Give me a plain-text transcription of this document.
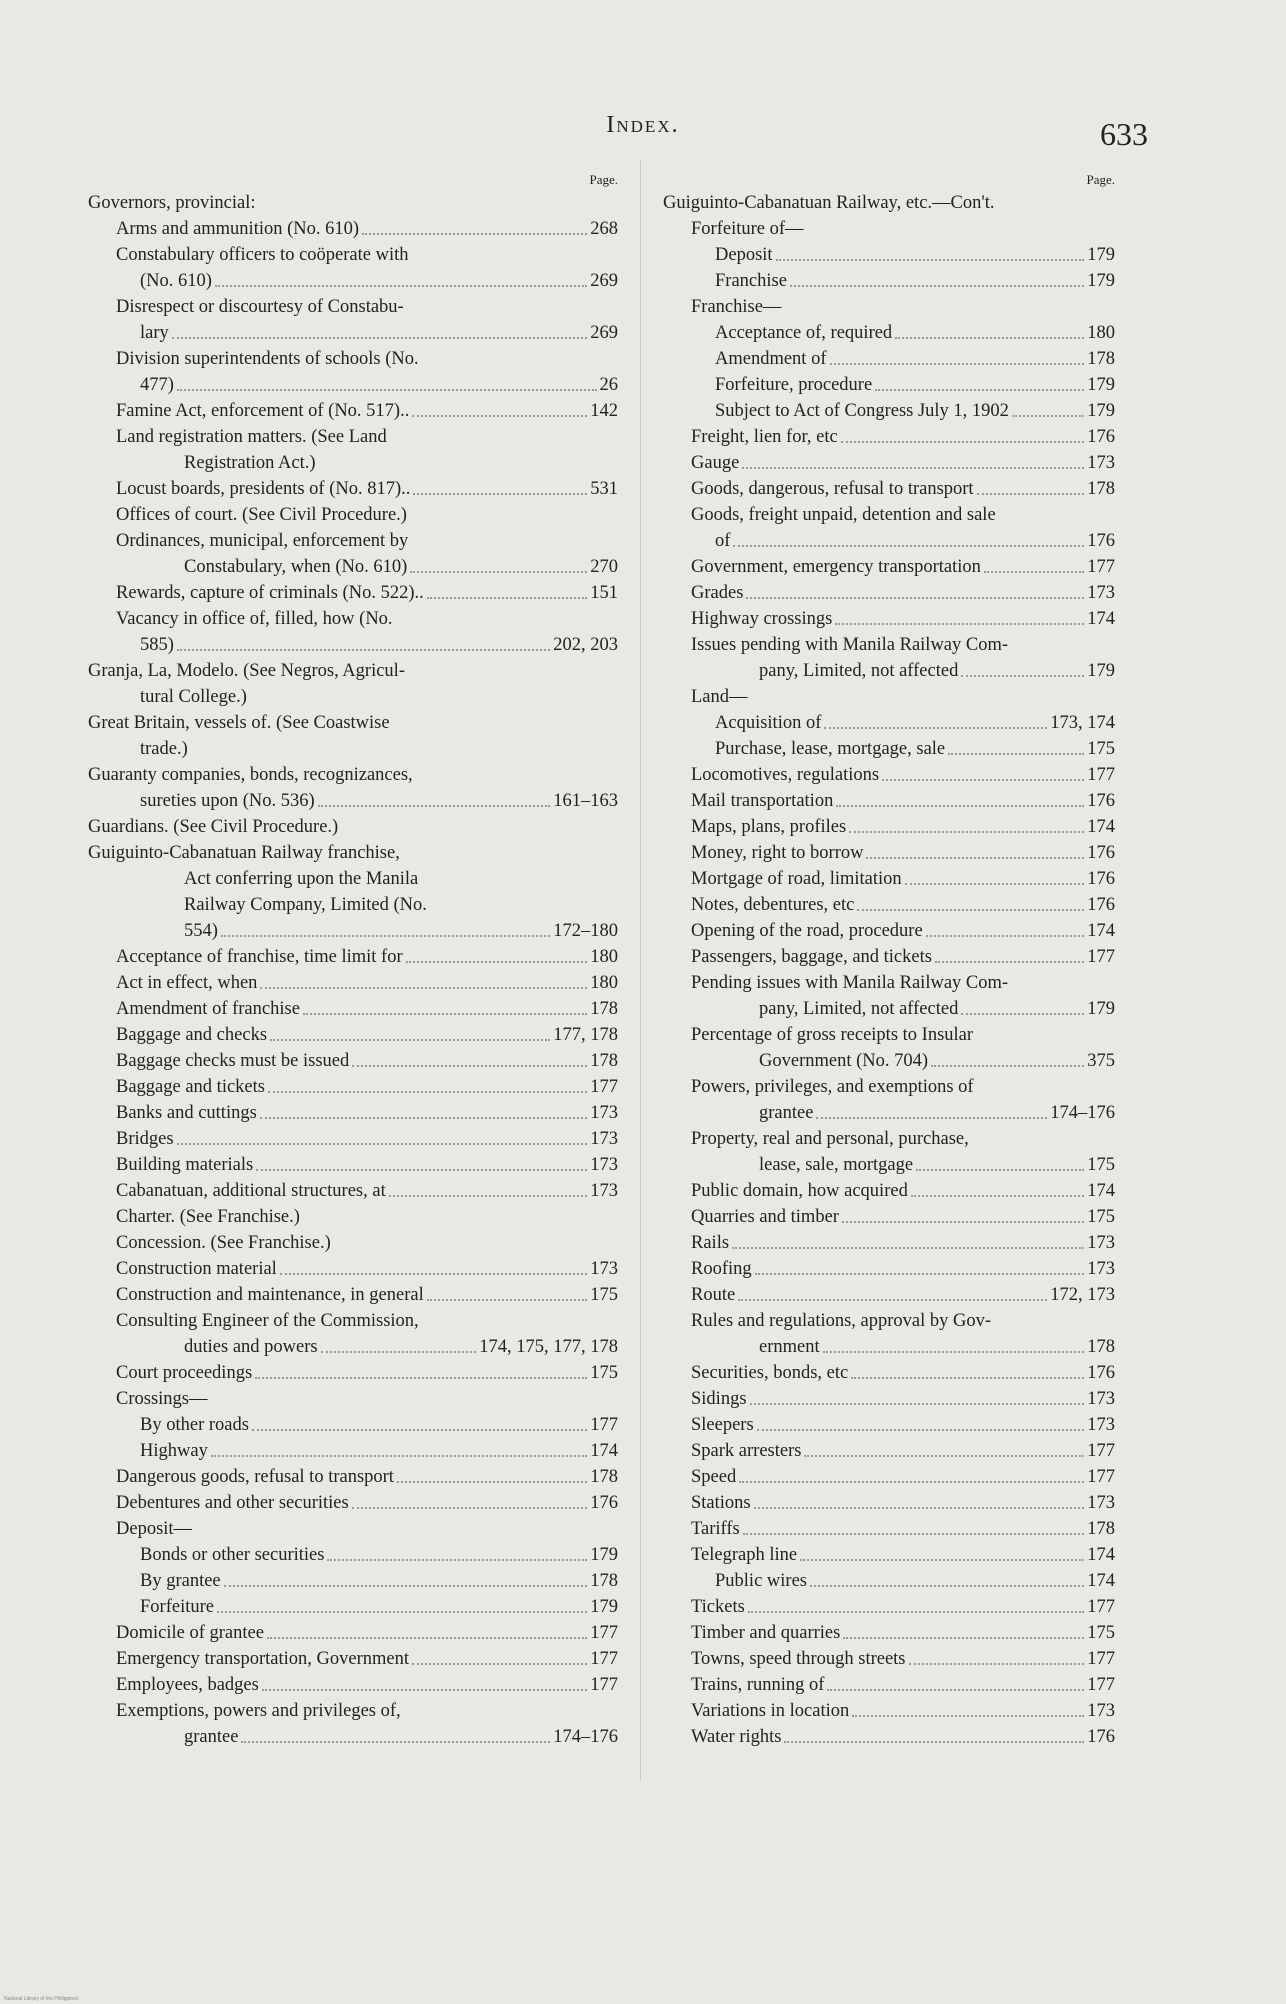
Index.	633
Page.
Governors, provincial:
Arms and ammunition (No. 610)	268
Constabulary officers to coöperate with
(No. 610)	269
Disrespect or discourtesy of Constabu-
lary	269
Division superintendents of schools (No.
477)	26
Famine Act, enforcement of (No. 517)..	142
Land registration matters. (See Land
Registration Act.)
Locust boards, presidents of (No. 817)..	531
Offices of court. (See Civil Procedure.)
Ordinances, municipal, enforcement by
Constabulary, when (No. 610)	270
Rewards, capture of criminals (No. 522)..	151
Vacancy in office of, filled, how (No.
585)	202, 203
Granja, La, Modelo. (See Negros, Agricul-
tural College.)
Great Britain, vessels of. (See Coastwise
trade.)
Guaranty companies, bonds, recognizances,
sureties upon (No. 536)	161–163
Guardians. (See Civil Procedure.)
Guiguinto-Cabanatuan Railway franchise,
Act conferring upon the Manila
Railway Company, Limited (No.
554)	172–180
Acceptance of franchise, time limit for	180
Act in effect, when	180
Amendment of franchise	178
Baggage and checks	177, 178
Baggage checks must be issued	178
Baggage and tickets	177
Banks and cuttings	173
Bridges	173
Building materials	173
Cabanatuan, additional structures, at	173
Charter. (See Franchise.)
Concession. (See Franchise.)
Construction material	173
Construction and maintenance, in general	175
Consulting Engineer of the Commission,
duties and powers	174, 175, 177, 178
Court proceedings	175
Crossings—
By other roads	177
Highway	174
Dangerous goods, refusal to transport	178
Debentures and other securities	176
Deposit—
Bonds or other securities	179
By grantee	178
Forfeiture	179
Domicile of grantee	177
Emergency transportation, Government	177
Employees, badges	177
Exemptions, powers and privileges of,
grantee	174–176
Page.
Guiguinto-Cabanatuan Railway, etc.—Con't.
Forfeiture of—
Deposit	179
Franchise	179
Franchise—
Acceptance of, required	180
Amendment of	178
Forfeiture, procedure	179
Subject to Act of Congress July 1, 1902	179
Freight, lien for, etc	176
Gauge	173
Goods, dangerous, refusal to transport	178
Goods, freight unpaid, detention and sale
of	176
Government, emergency transportation	177
Grades	173
Highway crossings	174
Issues pending with Manila Railway Com-
pany, Limited, not affected	179
Land—
Acquisition of	173, 174
Purchase, lease, mortgage, sale	175
Locomotives, regulations	177
Mail transportation	176
Maps, plans, profiles	174
Money, right to borrow	176
Mortgage of road, limitation	176
Notes, debentures, etc	176
Opening of the road, procedure	174
Passengers, baggage, and tickets	177
Pending issues with Manila Railway Com-
pany, Limited, not affected	179
Percentage of gross receipts to Insular
Government (No. 704)	375
Powers, privileges, and exemptions of
grantee	174–176
Property, real and personal, purchase,
lease, sale, mortgage	175
Public domain, how acquired	174
Quarries and timber	175
Rails	173
Roofing	173
Route	172, 173
Rules and regulations, approval by Gov-
ernment	178
Securities, bonds, etc	176
Sidings	173
Sleepers	173
Spark arresters	177
Speed	177
Stations	173
Tariffs	178
Telegraph line	174
Public wires	174
Tickets	177
Timber and quarries	175
Towns, speed through streets	177
Trains, running of	177
Variations in location	173
Water rights	176
National Library of the Philippines
